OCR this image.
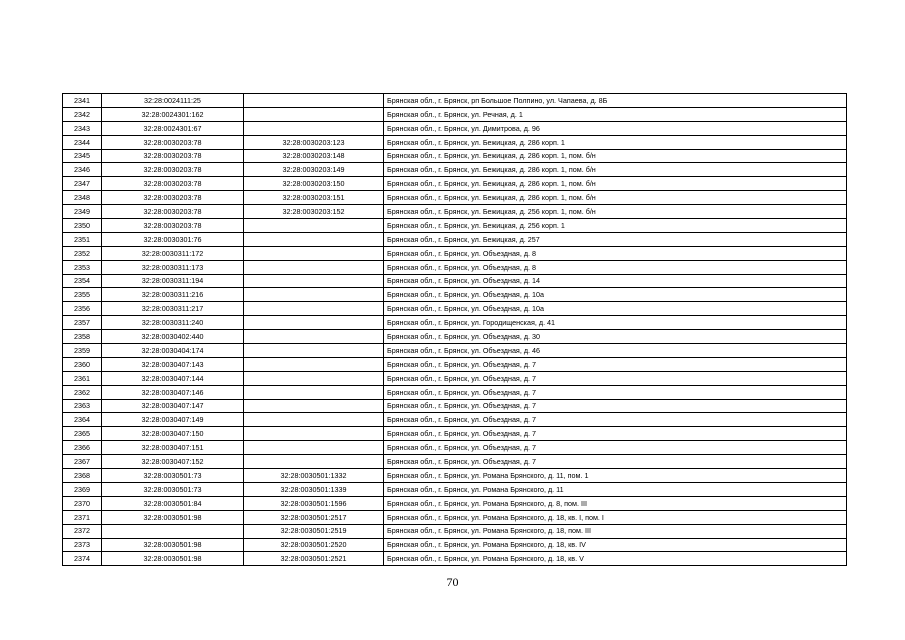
2341	32:28:0024111:25		Брянская обл., г. Брянск, рп Большое Полпино, ул. Чапаева, д. 8Б
2342	32:28:0024301:162		Брянская обл., г. Брянск, ул. Речная, д. 1
2343	32:28:0024301:67		Брянская обл., г. Брянск, ул. Димитрова, д. 96
2344	32:28:0030203:78	32:28:0030203:123	Брянская обл., г. Брянск, ул. Бежицкая, д. 286 корп. 1
2345	32:28:0030203:78	32:28:0030203:148	Брянская обл., г. Брянск, ул. Бежицкая, д. 286 корп. 1, пом. б/н
2346	32:28:0030203:78	32:28:0030203:149	Брянская обл., г. Брянск, ул. Бежицкая, д. 286 корп. 1, пом. б/н
2347	32:28:0030203:78	32:28:0030203:150	Брянская обл., г. Брянск, ул. Бежицкая, д. 286 корп. 1, пом. б/н
2348	32:28:0030203:78	32:28:0030203:151	Брянская обл., г. Брянск, ул. Бежицкая, д. 286 корп. 1, пом. б/н
2349	32:28:0030203:78	32:28:0030203:152	Брянская обл., г. Брянск, ул. Бежицкая, д. 256 корп. 1, пом. б/н
2350	32:28:0030203:78		Брянская обл., г. Брянск, ул. Бежицкая, д. 256 корп. 1
2351	32:28:0030301:76		Брянская обл., г. Брянск, ул. Бежицкая, д. 257
2352	32:28:0030311:172		Брянская обл., г. Брянск, ул. Объездная, д. 8
2353	32:28:0030311:173		Брянская обл., г. Брянск, ул. Объездная, д. 8
2354	32:28:0030311:194		Брянская обл., г. Брянск, ул. Объездная, д. 14
2355	32:28:0030311:216		Брянская обл., г. Брянск, ул. Объездная, д. 10а
2356	32:28:0030311:217		Брянская обл., г. Брянск, ул. Объездная, д. 10а
2357	32:28:0030311:240		Брянская обл., г. Брянск, ул. Городищенская, д. 41
2358	32:28:0030402:440		Брянская обл., г. Брянск, ул. Объездная, д. 30
2359	32:28:0030404:174		Брянская обл., г. Брянск, ул. Объездная, д. 46
2360	32:28:0030407:143		Брянская обл., г. Брянск, ул. Объездная, д. 7
2361	32:28:0030407:144		Брянская обл., г. Брянск, ул. Объездная, д. 7
2362	32:28:0030407:146		Брянская обл., г. Брянск, ул. Объездная, д. 7
2363	32:28:0030407:147		Брянская обл., г. Брянск, ул. Объездная, д. 7
2364	32:28:0030407:149		Брянская обл., г. Брянск, ул. Объездная, д. 7
2365	32:28:0030407:150		Брянская обл., г. Брянск, ул. Объездная, д. 7
2366	32:28:0030407:151		Брянская обл., г. Брянск, ул. Объездная, д. 7
2367	32:28:0030407:152		Брянская обл., г. Брянск, ул. Объездная, д. 7
2368	32:28:0030501:73	32:28:0030501:1332	Брянская обл., г. Брянск, ул. Романа Брянского, д. 11, пом. 1
2369	32:28:0030501:73	32:28:0030501:1339	Брянская обл., г. Брянск, ул. Романа Брянского, д. 11
2370	32:28:0030501:84	32:28:0030501:1596	Брянская обл., г. Брянск, ул. Романа Брянского, д. 8, пом. III
2371	32:28:0030501:98	32:28:0030501:2517	Брянская обл., г. Брянск, ул. Романа Брянского, д. 18, кв. I, пом. I
2372		32:28:0030501:2519	Брянская обл., г. Брянск, ул. Романа Брянского, д. 18, пом. III
2373	32:28:0030501:98	32:28:0030501:2520	Брянская обл., г. Брянск, ул. Романа Брянского, д. 18, кв. IV
2374	32:28:0030501:98	32:28:0030501:2521	Брянская обл., г. Брянск, ул. Романа Брянского, д. 18, кв. V
70
